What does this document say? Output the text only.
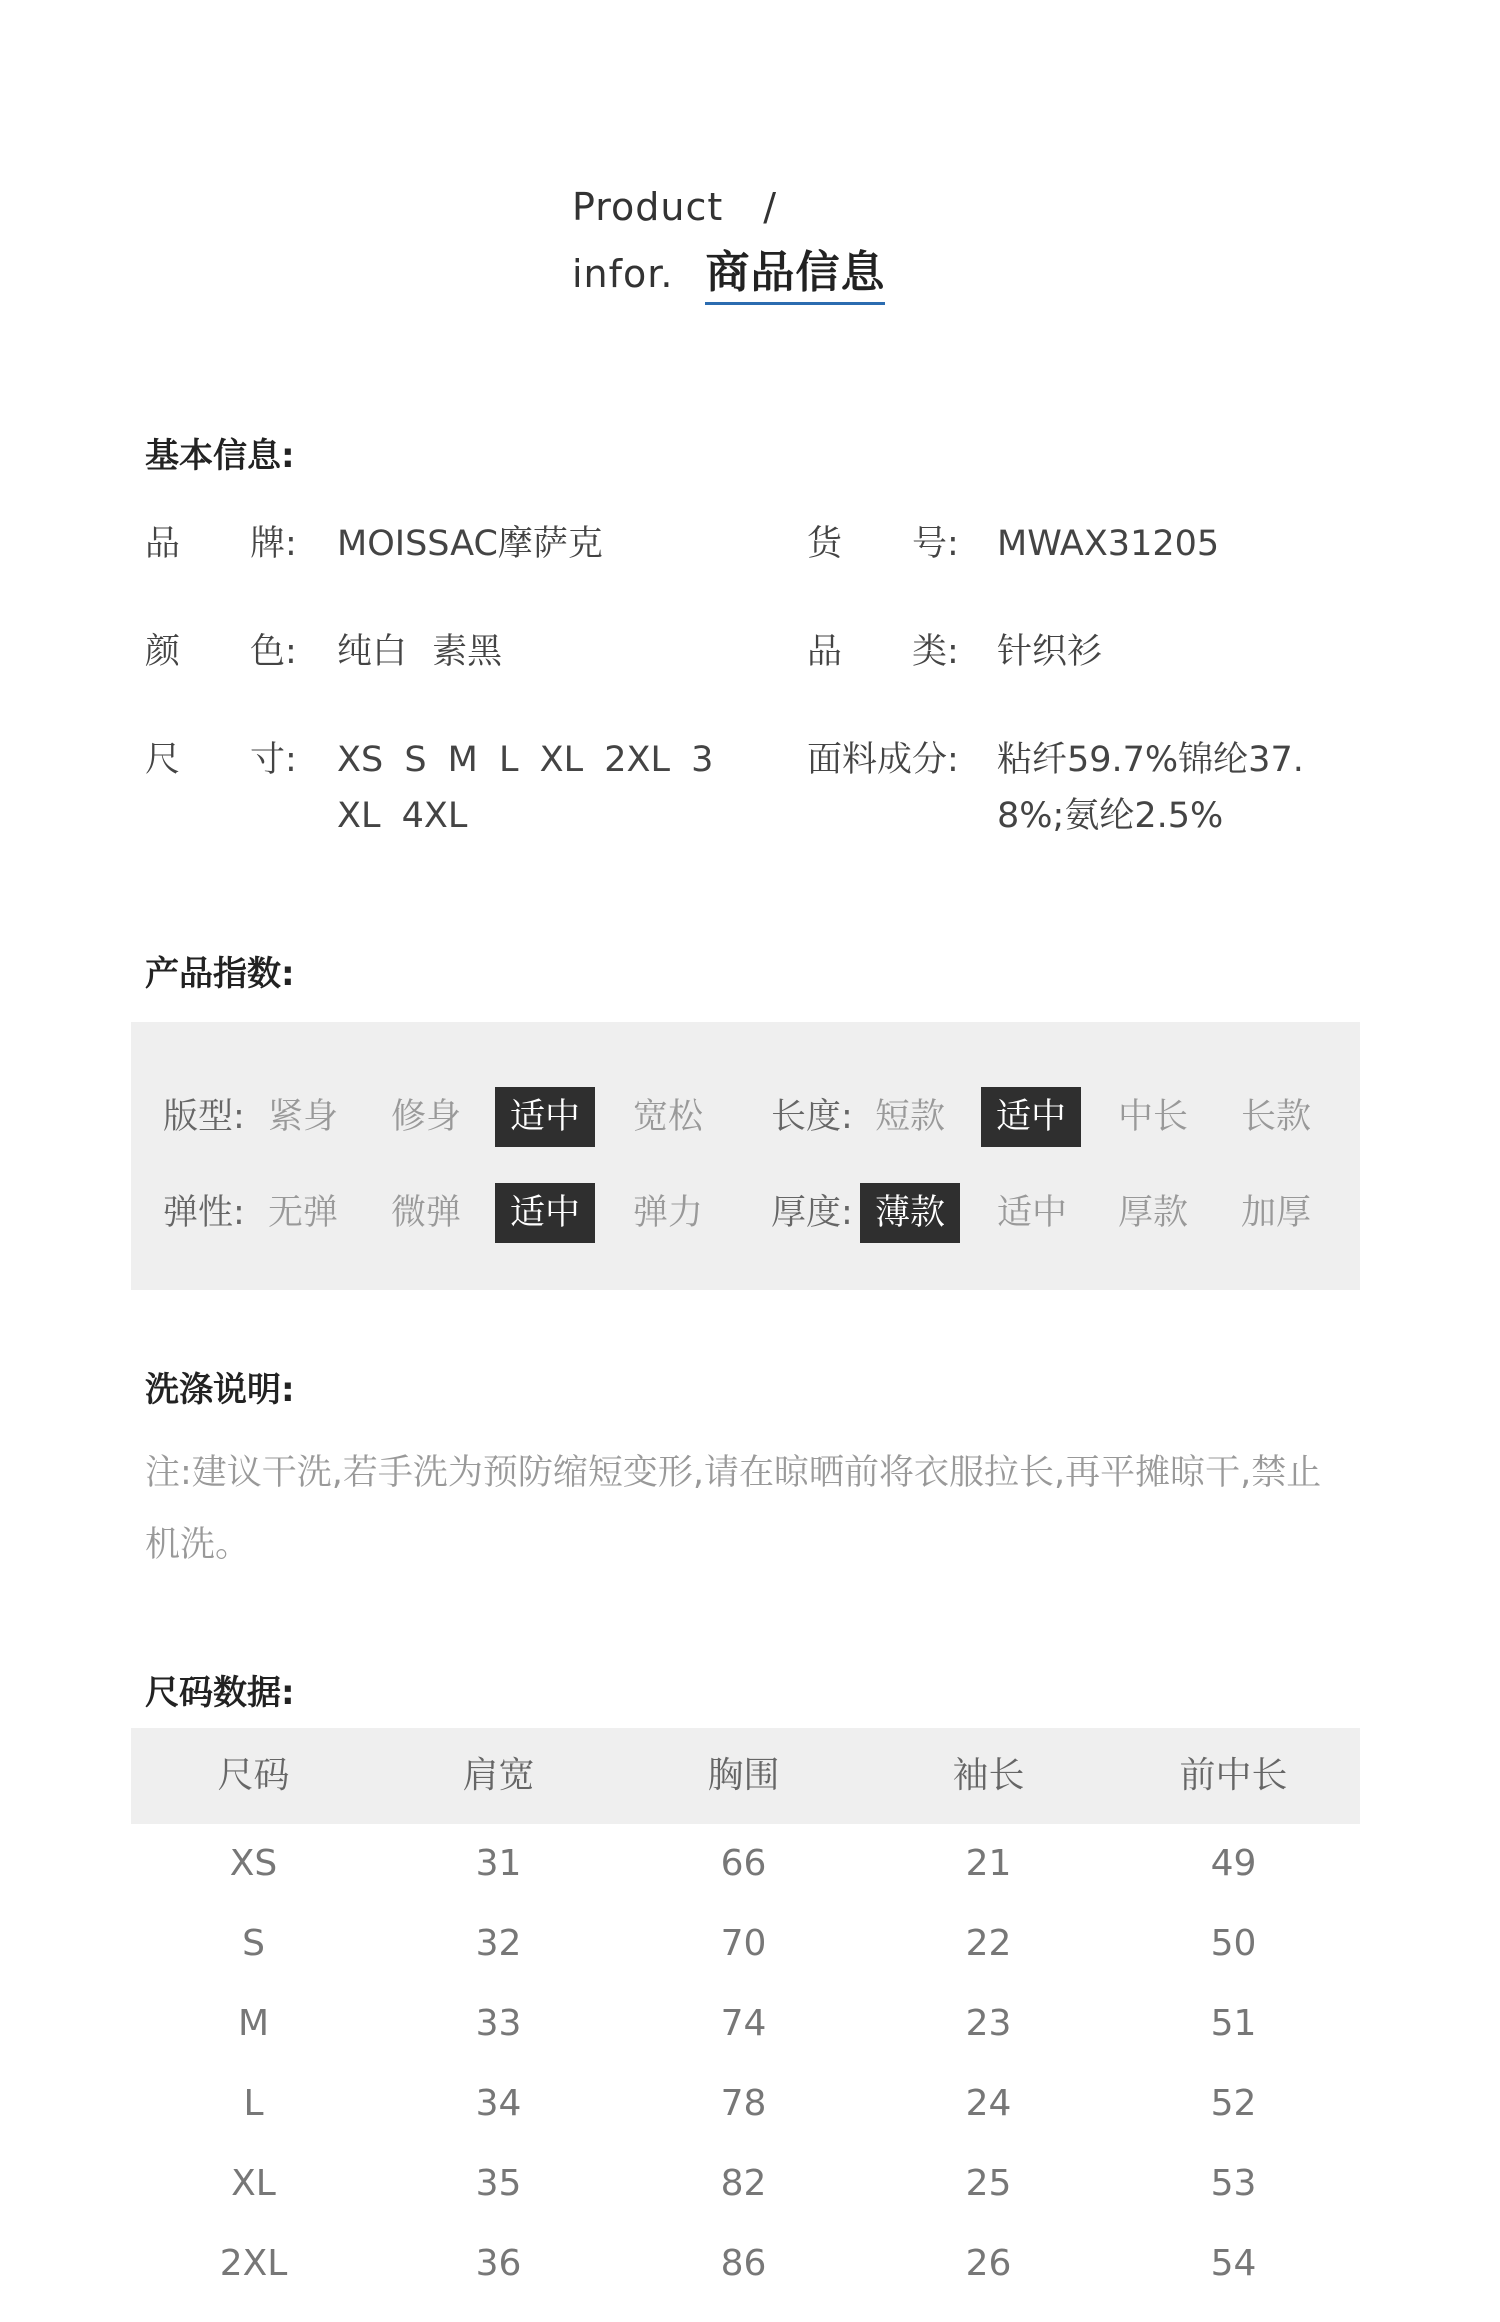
Product /
infor. 商品信息
基本信息:
品　　牌: MOISSAC摩萨克	货　　号: MWAX31205
颜　　色: 纯白 素黑	品　　类: 针织衫
尺　　寸: XS S M L XL 2XL 3XL 4XL
面料成分: 粘纤59.7%锦纶37.8%;氨纶2.5%
产品指数:
版型: 紧身 修身	适中	宽松 长度: 短款	适中	中长 长款
弹性: 无弹 微弹	适中	弹力 厚度: 薄款	适中 厚款 加厚
洗涤说明:
注:建议干洗,若手洗为预防缩短变形,请在晾晒前将衣服拉长,再平摊晾干,禁止机洗。
尺码数据:
尺码	肩宽	胸围	袖长	前中长
XS	31	66	21	49
S	32	70	22	50
M	33	74	23	51
L	34	78	24	52
XL	35	82	25	53
2XL	36	86	26	54
